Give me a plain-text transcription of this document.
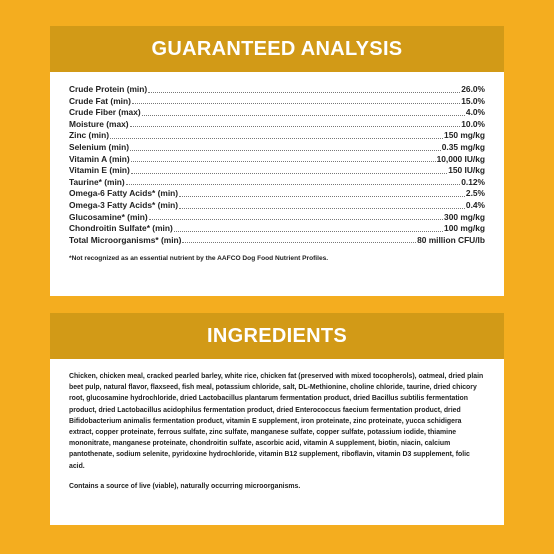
GUARANTEED ANALYSIS
Crude Protein (min)	26.0%
Crude Fat (min)	15.0%
Crude Fiber (max)	4.0%
Moisture (max)	10.0%
Zinc (min)	150 mg/kg
Selenium (min)	0.35 mg/kg
Vitamin A (min)	10,000 IU/kg
Vitamin E (min)	150 IU/kg
Taurine* (min)	0.12%
Omega-6 Fatty Acids* (min)	2.5%
Omega-3 Fatty Acids* (min)	0.4%
Glucosamine* (min)	300 mg/kg
Chondroitin Sulfate* (min)	100 mg/kg
Total Microorganisms* (min)	80 million CFU/lb
*Not recognized as an essential nutrient by the AAFCO Dog Food Nutrient Profiles.
INGREDIENTS

Chicken, chicken meal, cracked pearled barley, white rice, chicken fat (preserved with mixed tocopherols), oatmeal, dried plain beet pulp, natural flavor, flaxseed, fish meal, potassium chloride, salt, DL-Methionine, choline chloride, taurine, dried chicory root, glucosamine hydrochloride, dried Lactobacillus plantarum fermentation product, dried Bacillus subtilis fermentation product, dried Lactobacillus acidophilus fermentation product, dried Enterococcus faecium fermentation product, dried Bifidobacterium animalis fermentation product, vitamin E supplement, iron proteinate, zinc proteinate, yucca schidigera extract, copper proteinate, ferrous sulfate, zinc sulfate, manganese sulfate, copper sulfate, potassium iodide, thiamine mononitrate, manganese proteinate, chondroitin sulfate, ascorbic acid, vitamin A supplement, biotin, niacin, calcium pantothenate, sodium selenite, pyridoxine hydrochloride, vitamin B12 supplement, riboflavin, vitamin D3 supplement, folic acid.

Contains a source of live (viable), naturally occurring microorganisms.
